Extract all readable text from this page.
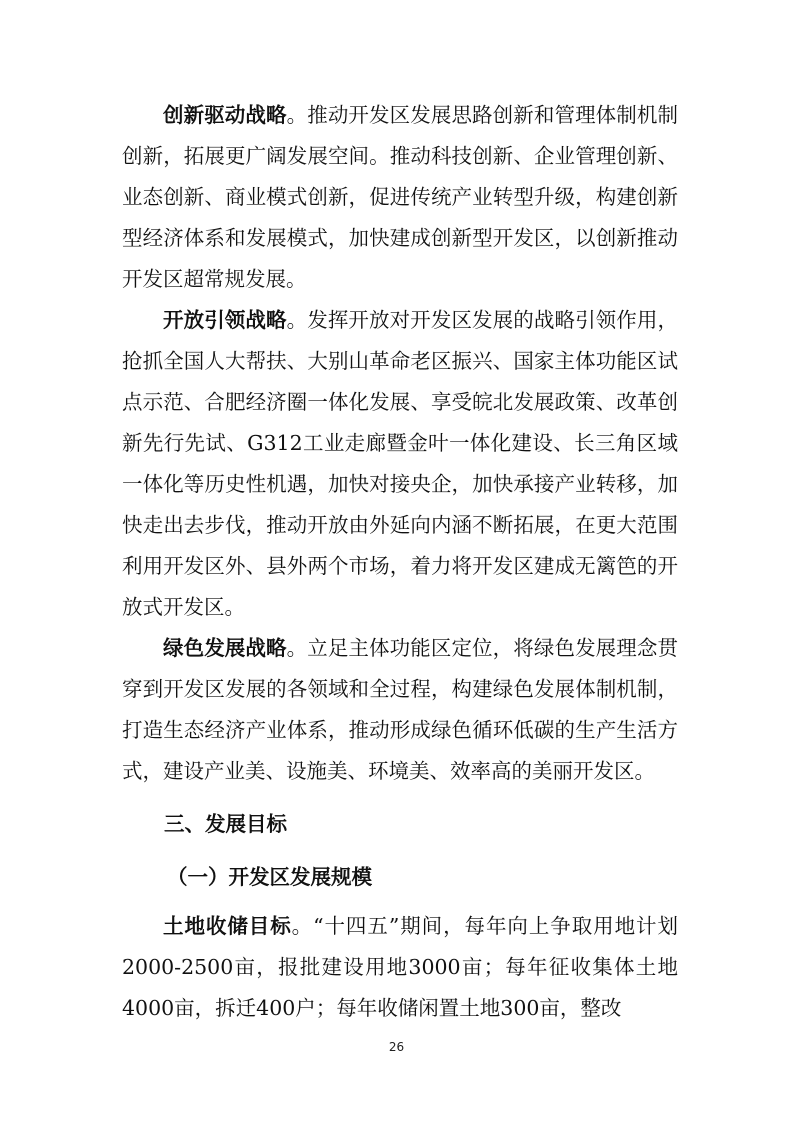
创新驱动战略。推动开发区发展思路创新和管理体制机制创新，拓展更广阔发展空间。推动科技创新、企业管理创新、业态创新、商业模式创新，促进传统产业转型升级，构建创新型经济体系和发展模式，加快建成创新型开发区，以创新推动开发区超常规发展。

开放引领战略。发挥开放对开发区发展的战略引领作用，抢抓全国人大帮扶、大别山革命老区振兴、国家主体功能区试点示范、合肥经济圈一体化发展、享受皖北发展政策、改革创新先行先试、G312工业走廊暨金叶一体化建设、长三角区域一体化等历史性机遇，加快对接央企，加快承接产业转移，加快走出去步伐，推动开放由外延向内涵不断拓展，在更大范围利用开发区外、县外两个市场，着力将开发区建成无篱笆的开放式开发区。

绿色发展战略。立足主体功能区定位，将绿色发展理念贯穿到开发区发展的各领域和全过程，构建绿色发展体制机制，打造生态经济产业体系，推动形成绿色循环低碳的生产生活方式，建设产业美、设施美、环境美、效率高的美丽开发区。

三、发展目标

（一）开发区发展规模

土地收储目标。“十四五”期间，每年向上争取用地计划2000-2500亩，报批建设用地3000亩；每年征收集体土地4000亩，拆迁400户；每年收储闲置土地300亩，整改

26
